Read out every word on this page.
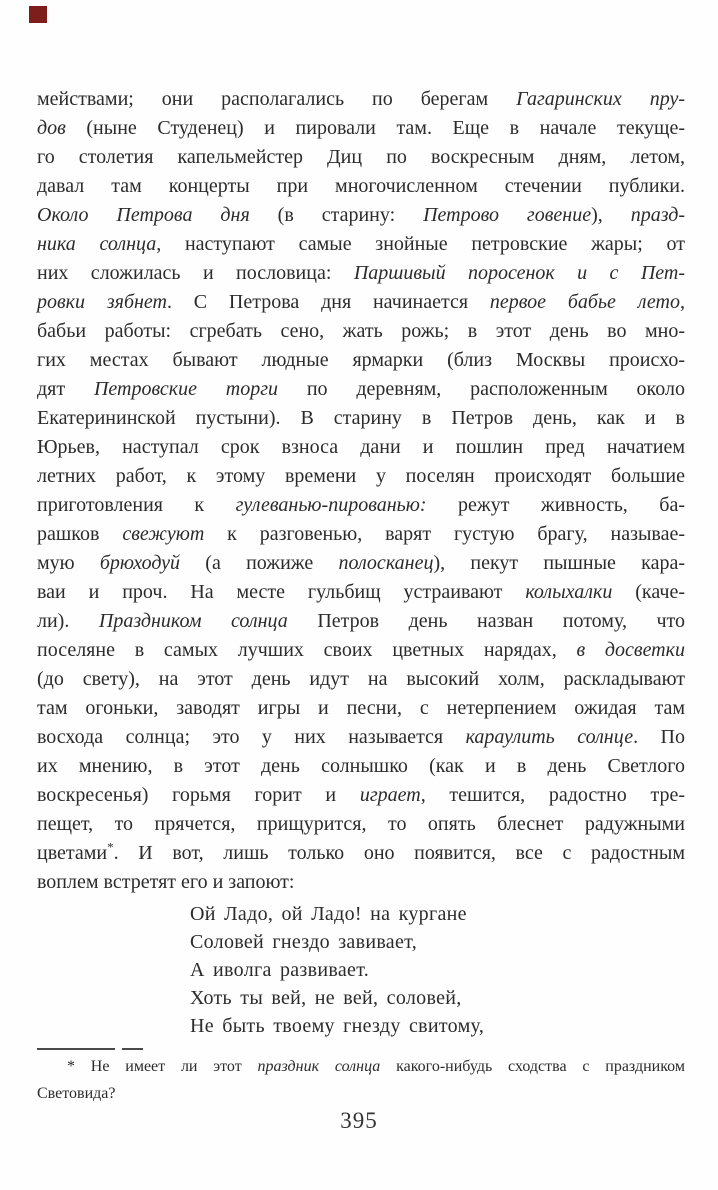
мействами; они располагались по берегам Гагаринских пру-
дов (ныне Студенец) и пировали там. Еще в начале текуще-
го столетия капельмейстер Диц по воскресным дням, летом,
давал там концерты при многочисленном стечении публики.
Около Петрова дня (в старину: Петрово говение), празд-
ника солнца, наступают самые знойные петровские жары; от
них сложилась и пословица: Паршивый поросенок и с Пет-
ровки зябнет. С Петрова дня начинается первое бабье лето,
бабьи работы: сгребать сено, жать рожь; в этот день во мно-
гих местах бывают людные ярмарки (близ Москвы происхо-
дят Петровские торги по деревням, расположенным около
Екатерининской пустыни). В старину в Петров день, как и в
Юрьев, наступал срок взноса дани и пошлин пред начатием
летних работ, к этому времени у поселян происходят большие
приготовления к гулеванью-пированью: режут живность, ба-
рашков свежуют к разговенью, варят густую брагу, называе-
мую брюходуй (а пожиже полосканец), пекут пышные кара-
ваи и проч. На месте гульбищ устраивают колыхалки (каче-
ли). Праздником солнца Петров день назван потому, что
поселяне в самых лучших своих цветных нарядах, в досветки
(до свету), на этот день идут на высокий холм, раскладывают
там огоньки, заводят игры и песни, с нетерпением ожидая там
восхода солнца; это у них называется караулить солнце. По
их мнению, в этот день солнышко (как и в день Светлого
воскресенья) горьмя горит и играет, тешится, радостно тре-
пещет, то прячется, прищурится, то опять блеснет радужными
цветами*. И вот, лишь только оно появится, все с радостным
воплем встретят его и запоют:
Ой Ладо, ой Ладо! на кургане
Соловей гнездо завивает,
А иволга развивает.
Хоть ты вей, не вей, соловей,
Не быть твоему гнезду свитому,
* Не имеет ли этот праздник солнца какого-нибудь сходства с праздником
Световида?
395
